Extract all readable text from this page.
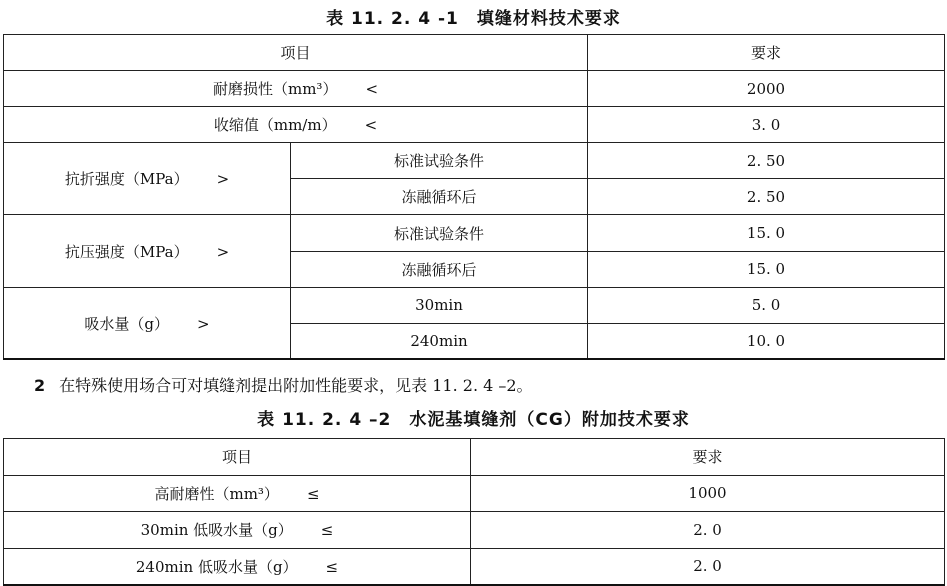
表 11. 2. 4 -1　填缝材料技术要求
项目		要求
耐磨损性（mm³） <		2000
收缩值（mm/m） <		3. 0
抗折强度（MPa） >	标准试验条件	2. 50
	冻融循环后	2. 50
抗压强度（MPa） >	标准试验条件	15. 0
	冻融循环后	15. 0
吸水量（g） >	30min	5. 0
	240min	10. 0
2 在特殊使用场合可对填缝剂提出附加性能要求，见表 11. 2. 4 –2。
表 11. 2. 4 –2　水泥基填缝剂（CG）附加技术要求
项目	要求
高耐磨性（mm³） ≤	1000
30min 低吸水量（g） ≤	2. 0
240min 低吸水量（g） ≤	2. 0
